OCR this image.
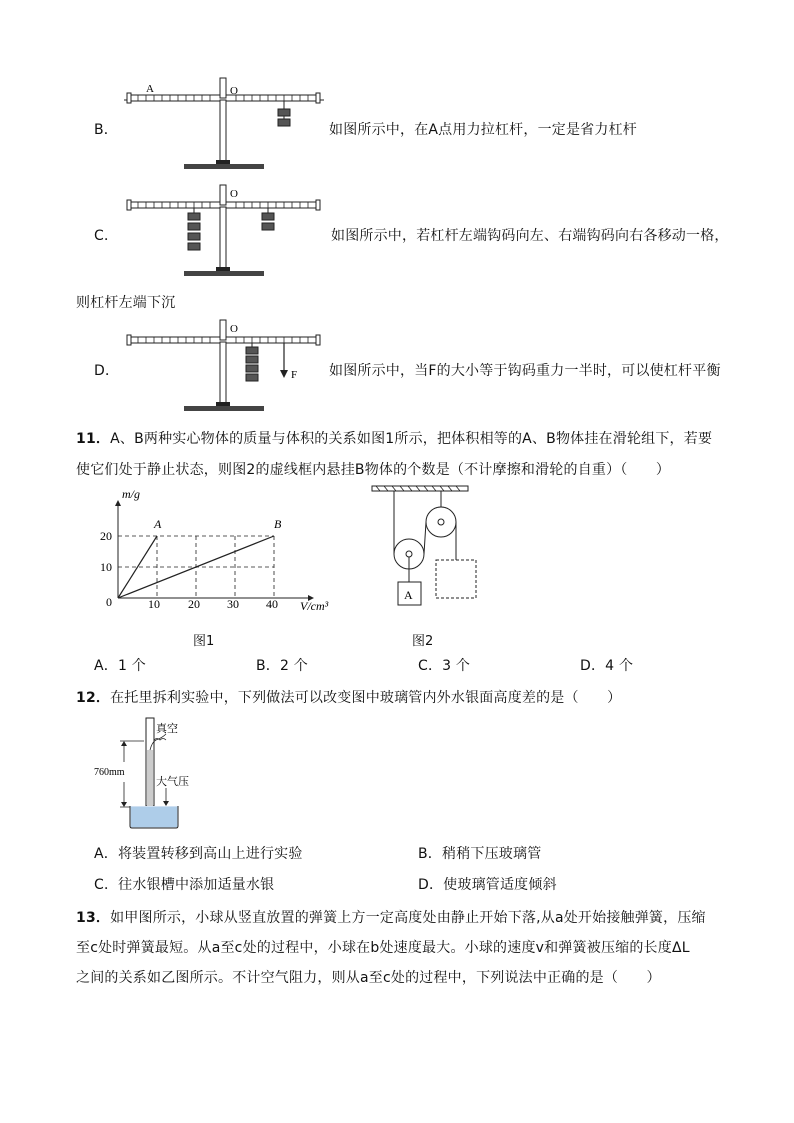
B．
A	O
如图所示中，在A点用力拉杠杆，一定是省力杠杆
C．
O
如图所示中，若杠杆左端钩码向左、右端钩码向右各移动一格，
则杠杆左端下沉
D．
O
F 如图所示中，当F的大小等于钩码重力一半时，可以使杠杆平衡
11．A、B两种实心物体的质量与体积的关系如图1所示，把体积相等的A、B物体挂在滑轮组下，若要
使它们处于静止状态，则图2的虚线框内悬挂B物体的个数是（不计摩擦和滑轮的自重）（　　）
m/g
V/cm³
0
20
10
10 20 30 40
A	B
图1
A
图2
A．1 个	B．2 个	C．3 个	D．4 个
12．在托里拆利实验中，下列做法可以改变图中玻璃管内外水银面高度差的是（　　）
真空
760mm
大气压
A．将装置转移到高山上进行实验	B．稍稍下压玻璃管
C．往水银槽中添加适量水银	D．使玻璃管适度倾斜
13．如甲图所示，小球从竖直放置的弹簧上方一定高度处由静止开始下落,从a处开始接触弹簧，压缩
至c处时弹簧最短。从a至c处的过程中，小球在b处速度最大。小球的速度v和弹簧被压缩的长度ΔL
之间的关系如乙图所示。不计空气阻力，则从a至c处的过程中，下列说法中正确的是（　　）
